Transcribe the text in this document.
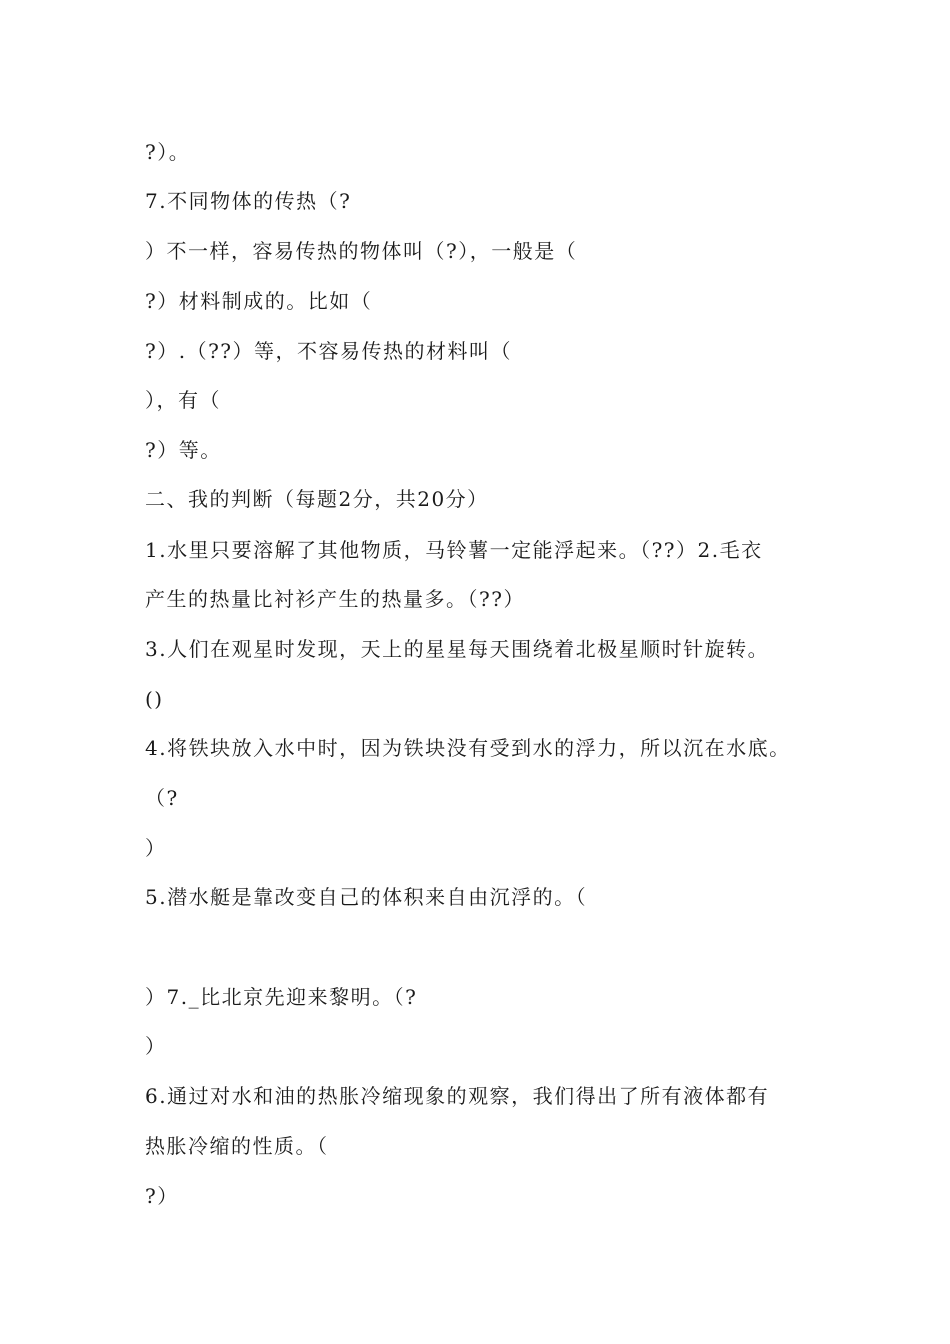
?）。
7.不同物体的传热（?
）不一样，容易传热的物体叫（?），一般是（
?）材料制成的。比如（
?）.（??）等，不容易传热的材料叫（
），有（
?）等。
二、我的判断（每题2分，共20分）
1.水里只要溶解了其他物质，马铃薯一定能浮起来。（??）2.毛衣
产生的热量比衬衫产生的热量多。（??）
3.人们在观星时发现，天上的星星每天围绕着北极星顺时针旋转。
()
4.将铁块放入水中时，因为铁块没有受到水的浮力，所以沉在水底。
（?
）
5.潜水艇是靠改变自己的体积来自由沉浮的。（
）7._比北京先迎来黎明。（?
）
6.通过对水和油的热胀冷缩现象的观察，我们得出了所有液体都有
热胀冷缩的性质。（
?）
